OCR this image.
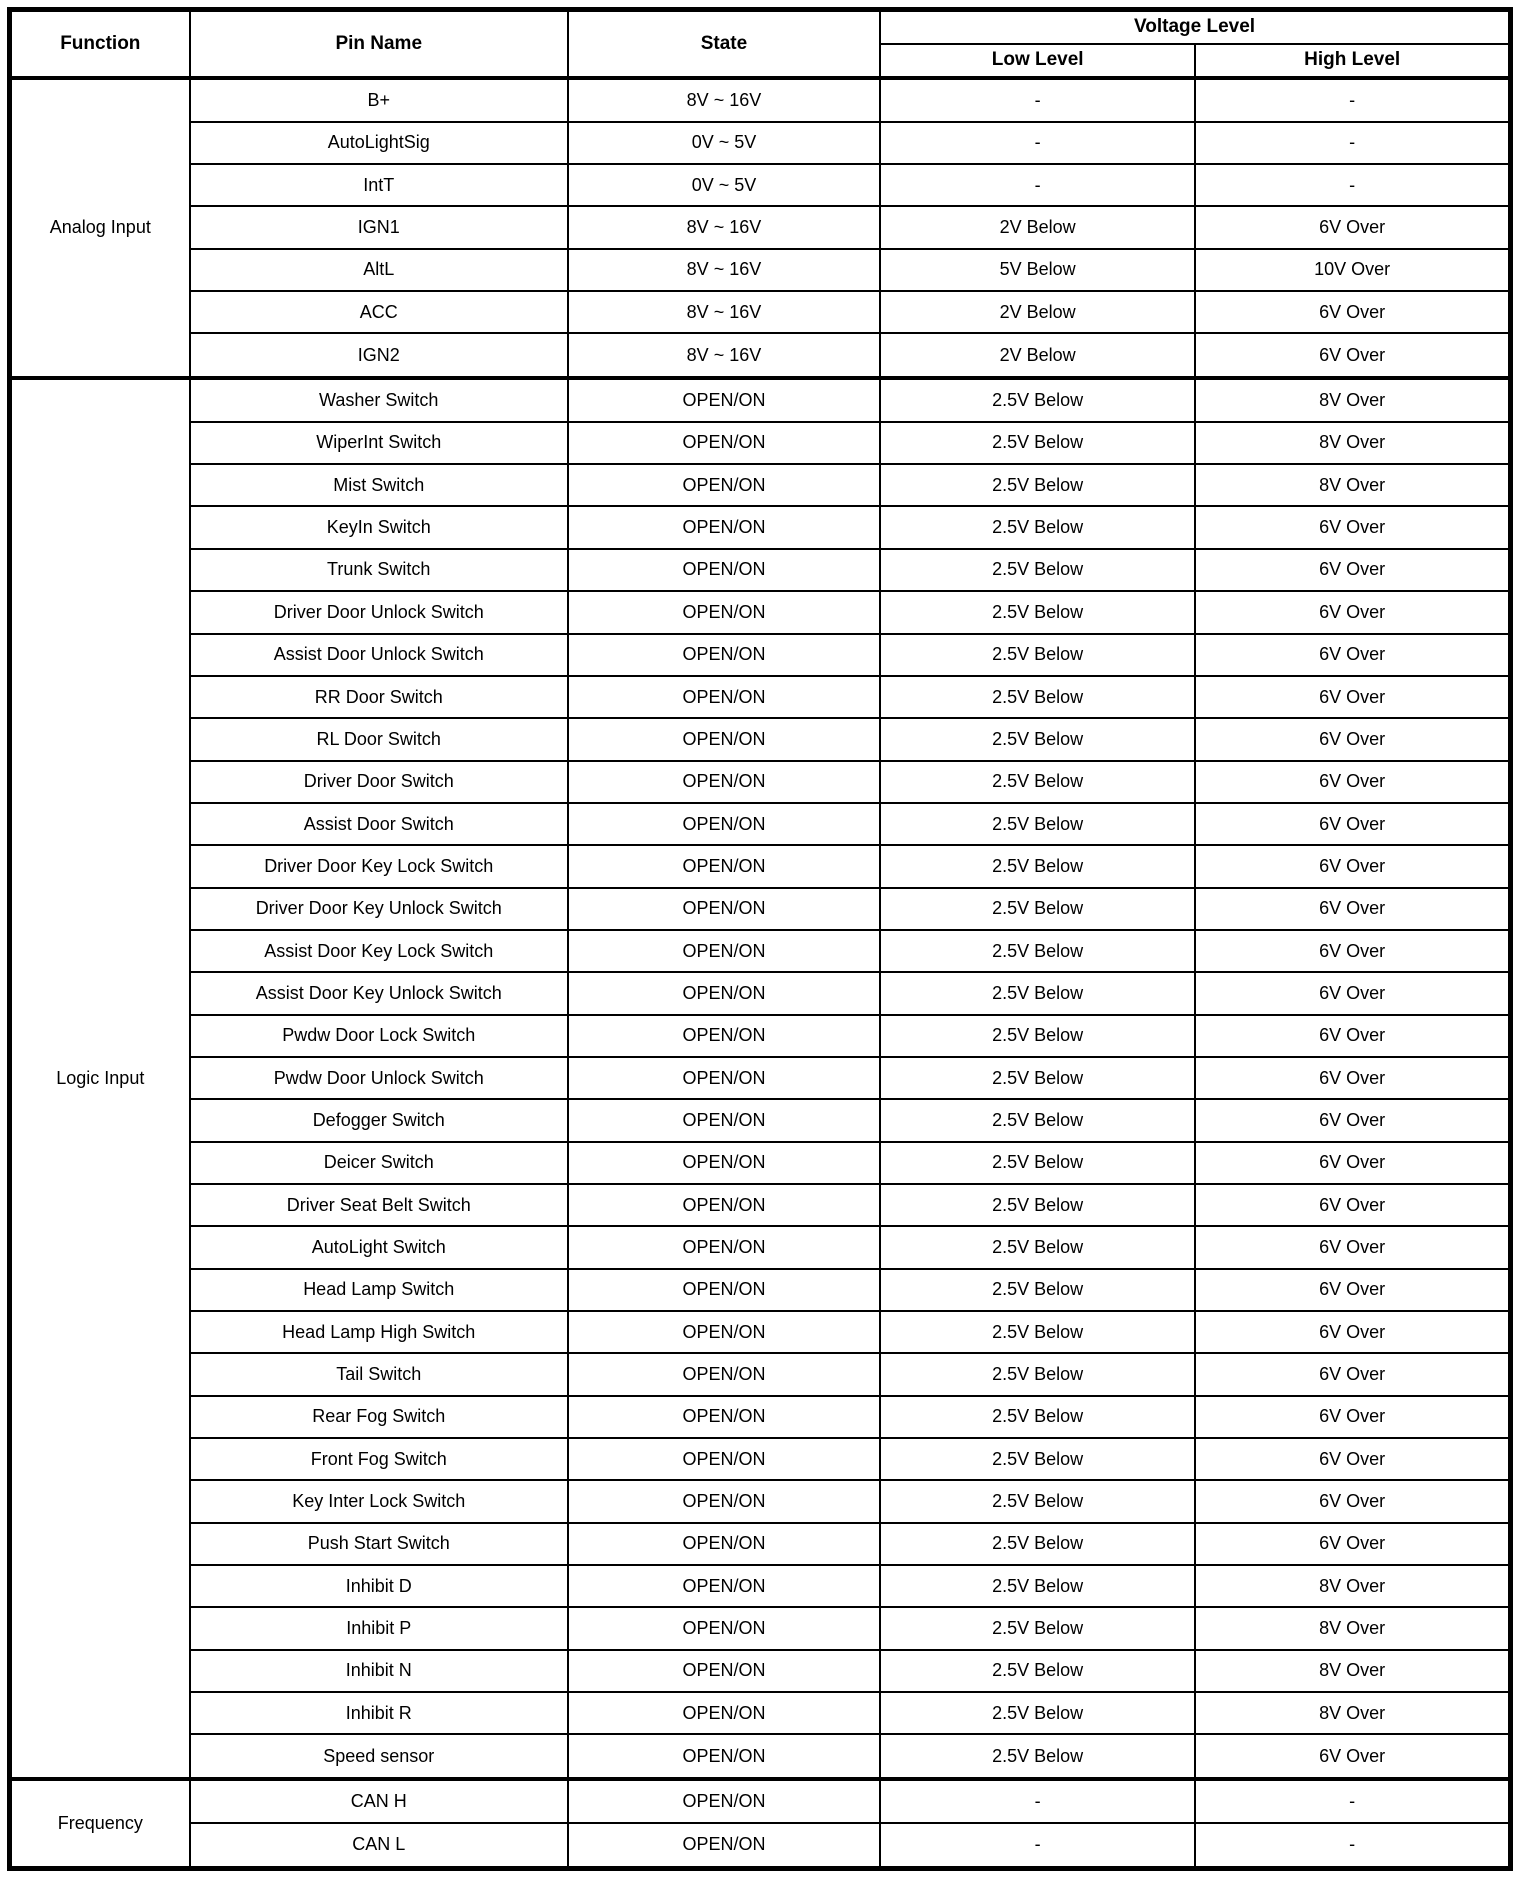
Function	Pin Name	State	Voltage Level	
			Low Level	High Level
Analog Input	B+	8V ~ 16V	-	-
	AutoLightSig	0V ~ 5V	-	-
	IntT	0V ~ 5V	-	-
	IGN1	8V ~ 16V	2V Below	6V Over
	AltL	8V ~ 16V	5V Below	10V Over
	ACC	8V ~ 16V	2V Below	6V Over
	IGN2	8V ~ 16V	2V Below	6V Over
Logic Input	Washer Switch	OPEN/ON	2.5V Below	8V Over
	WiperInt Switch	OPEN/ON	2.5V Below	8V Over
	Mist Switch	OPEN/ON	2.5V Below	8V Over
	KeyIn Switch	OPEN/ON	2.5V Below	6V Over
	Trunk Switch	OPEN/ON	2.5V Below	6V Over
	Driver Door Unlock Switch	OPEN/ON	2.5V Below	6V Over
	Assist Door Unlock Switch	OPEN/ON	2.5V Below	6V Over
	RR Door Switch	OPEN/ON	2.5V Below	6V Over
	RL Door Switch	OPEN/ON	2.5V Below	6V Over
	Driver Door Switch	OPEN/ON	2.5V Below	6V Over
	Assist Door Switch	OPEN/ON	2.5V Below	6V Over
	Driver Door Key Lock Switch	OPEN/ON	2.5V Below	6V Over
	Driver Door Key Unlock Switch	OPEN/ON	2.5V Below	6V Over
	Assist Door Key Lock Switch	OPEN/ON	2.5V Below	6V Over
	Assist Door Key Unlock Switch	OPEN/ON	2.5V Below	6V Over
	Pwdw Door Lock Switch	OPEN/ON	2.5V Below	6V Over
	Pwdw Door Unlock Switch	OPEN/ON	2.5V Below	6V Over
	Defogger Switch	OPEN/ON	2.5V Below	6V Over
	Deicer Switch	OPEN/ON	2.5V Below	6V Over
	Driver Seat Belt Switch	OPEN/ON	2.5V Below	6V Over
	AutoLight Switch	OPEN/ON	2.5V Below	6V Over
	Head Lamp Switch	OPEN/ON	2.5V Below	6V Over
	Head Lamp High Switch	OPEN/ON	2.5V Below	6V Over
	Tail Switch	OPEN/ON	2.5V Below	6V Over
	Rear Fog Switch	OPEN/ON	2.5V Below	6V Over
	Front Fog Switch	OPEN/ON	2.5V Below	6V Over
	Key Inter Lock Switch	OPEN/ON	2.5V Below	6V Over
	Push Start Switch	OPEN/ON	2.5V Below	6V Over
	Inhibit D	OPEN/ON	2.5V Below	8V Over
	Inhibit P	OPEN/ON	2.5V Below	8V Over
	Inhibit N	OPEN/ON	2.5V Below	8V Over
	Inhibit R	OPEN/ON	2.5V Below	8V Over
	Speed sensor	OPEN/ON	2.5V Below	6V Over
Frequency	CAN H	OPEN/ON	-	-
	CAN L	OPEN/ON	-	-
